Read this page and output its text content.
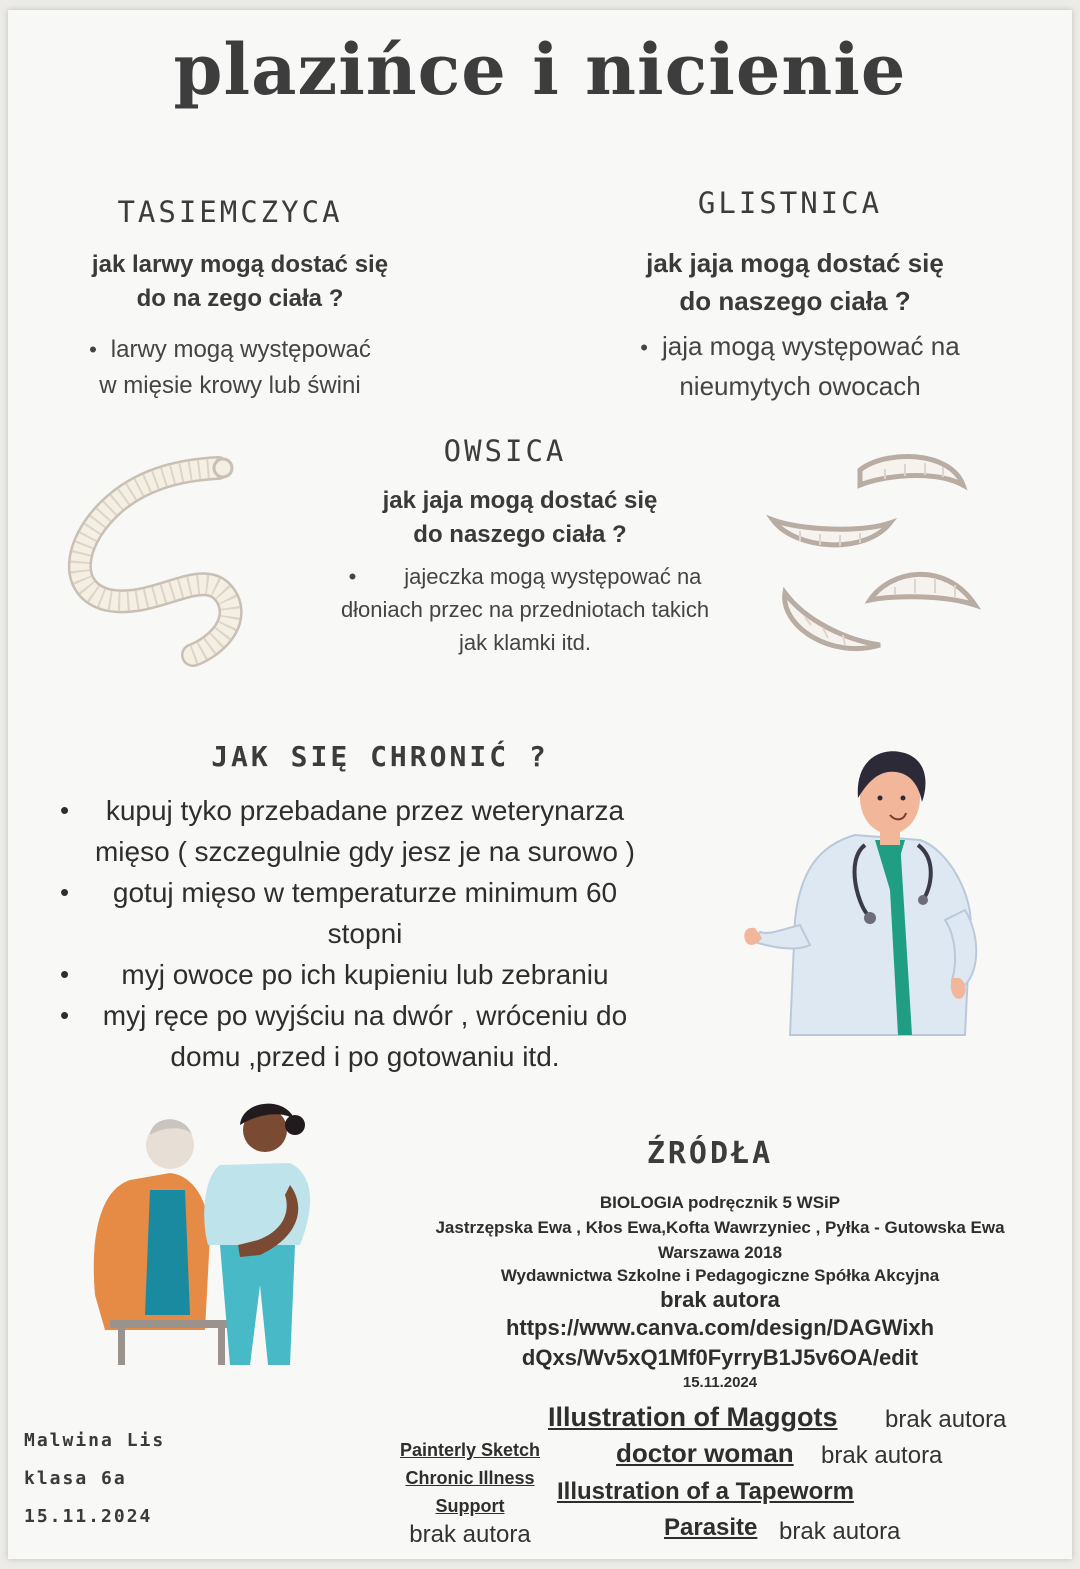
plazińce i nicienie
TASIEMCZYCA
jak larwy mogą dostać się
do na zego ciała ?
• larwy mogą występować
w mięsie krowy lub świni
GLISTNICA
jak jaja mogą dostać się
do naszego ciała ?
• jaja mogą występować na
nieumytych owocach
OWSICA
jak jaja mogą dostać się
do naszego ciała ?
• jajeczka mogą występować na
dłoniach przec na przedniotach takich
jak klamki itd.
JAK SIĘ CHRONIĆ ?
•	kupuj tyko przebadane przez weterynarza
mięso ( szczegulnie gdy jesz je na surowo )
•	gotuj mięso w temperaturze minimum 60
stopni
•	myj owoce po ich kupieniu lub zebraniu
•	myj ręce po wyjściu na dwór , wróceniu do
domu ,przed i po gotowaniu itd.
ŹRÓDŁA
BIOLOGIA podręcznik 5 WSiP
Jastrzępska Ewa , Kłos Ewa,Kofta Wawrzyniec , Pyłka - Gutowska Ewa
Warszawa 2018
Wydawnictwa Szkolne i Pedagogiczne Spółka Akcyjna
brak autora
https://www.canva.com/design/DAGWixh
dQxs/Wv5xQ1Mf0FyrryB1J5v6OA/edit
15.11.2024
Illustration of Maggots brak autora
doctor woman brak autora
Illustration of a Tapeworm
Parasite brak autora
Painterly Sketch
Chronic Illness
Support
brak autora
Malwina Lis
klasa 6a
15.11.2024
